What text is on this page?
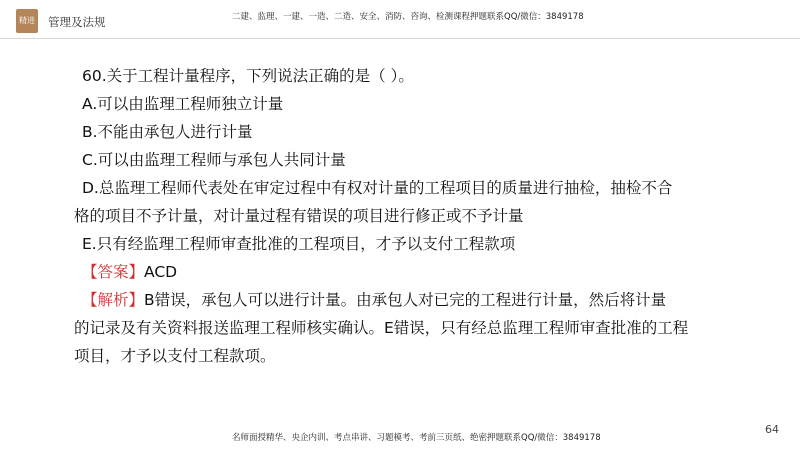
精进 管理及法规	二建、监理、一建、一造、二造、安全、消防、咨询、检测课程押题联系QQ/微信：3849178

60.关于工程计量程序，下列说法正确的是（ ）。

A.可以由监理工程师独立计量

B.不能由承包人进行计量

C.可以由监理工程师与承包人共同计量

D.总监理工程师代表处在审定过程中有权对计量的工程项目的质量进行抽检，抽检不合

格的项目不予计量，对计量过程有错误的项目进行修正或不予计量

E.只有经监理工程师审查批准的工程项目，才予以支付工程款项

【答案】ACD

【解析】B错误，承包人可以进行计量。由承包人对已完的工程进行计量，然后将计量

的记录及有关资料报送监理工程师核实确认。E错误，只有经总监理工程师审查批准的工程

项目，才予以支付工程款项。

名师面授精华、央企内训、考点串讲、习题模考、考前三页纸、绝密押题联系QQ/微信：3849178
64
